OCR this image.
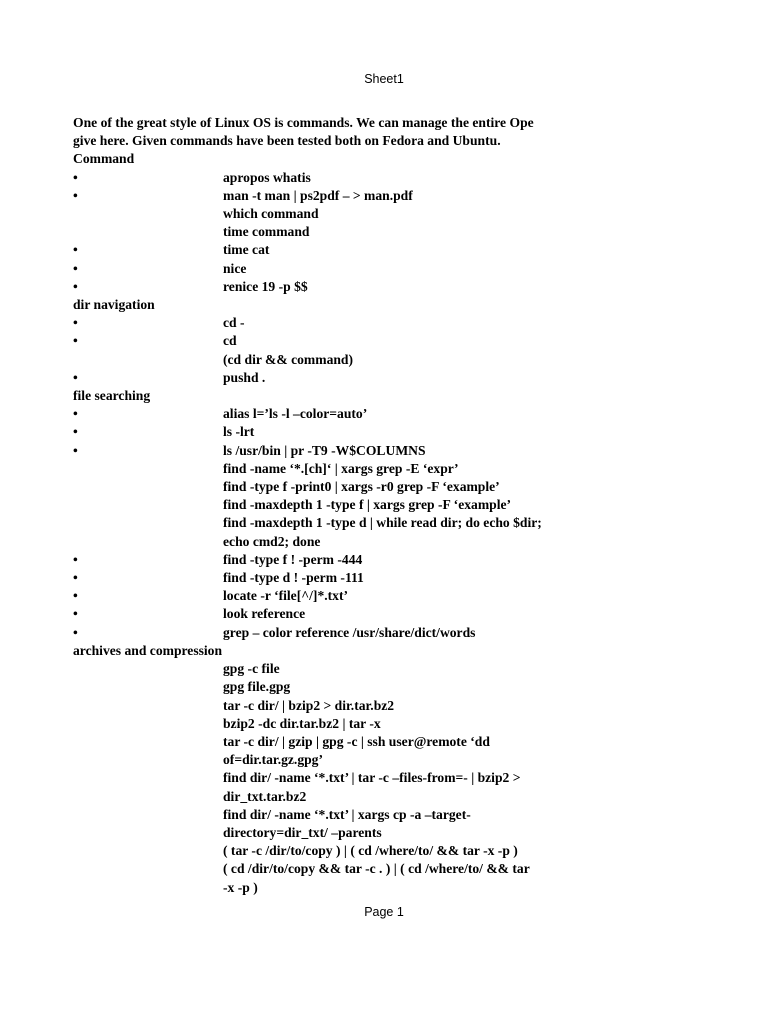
Sheet1
One of the great style of Linux OS is commands. We can manage the entire Ope
give here. Given commands have been tested both on Fedora and Ubuntu.
Command
•	apropos whatis
•	man -t man | ps2pdf – > man.pdf
which command
time command
•	time cat
•	nice
•	renice 19 -p $$
dir navigation
•	cd -
•	cd
(cd dir && command)
•	pushd .
file searching
•	alias l=’ls -l –color=auto’
•	ls -lrt
•	ls /usr/bin | pr -T9 -W$COLUMNS
find -name ‘*.[ch]‘ | xargs grep -E ‘expr’
find -type f -print0 | xargs -r0 grep -F ‘example’
find -maxdepth 1 -type f | xargs grep -F ‘example’
find -maxdepth 1 -type d | while read dir; do echo $dir;
echo cmd2; done
•	find -type f ! -perm -444
•	find -type d ! -perm -111
•	locate -r ‘file[^/]*.txt’
•	look reference
•	grep – color reference /usr/share/dict/words
archives and compression
gpg -c file
gpg file.gpg
tar -c dir/ | bzip2 > dir.tar.bz2
bzip2 -dc dir.tar.bz2 | tar -x
tar -c dir/ | gzip | gpg -c | ssh user@remote ‘dd
of=dir.tar.gz.gpg’
find dir/ -name ‘*.txt’ | tar -c –files-from=- | bzip2 >
dir_txt.tar.bz2
find dir/ -name ‘*.txt’ | xargs cp -a –target-
directory=dir_txt/ –parents
( tar -c /dir/to/copy ) | ( cd /where/to/ && tar -x -p )
( cd /dir/to/copy && tar -c . ) | ( cd /where/to/ && tar
-x -p )
Page 1
